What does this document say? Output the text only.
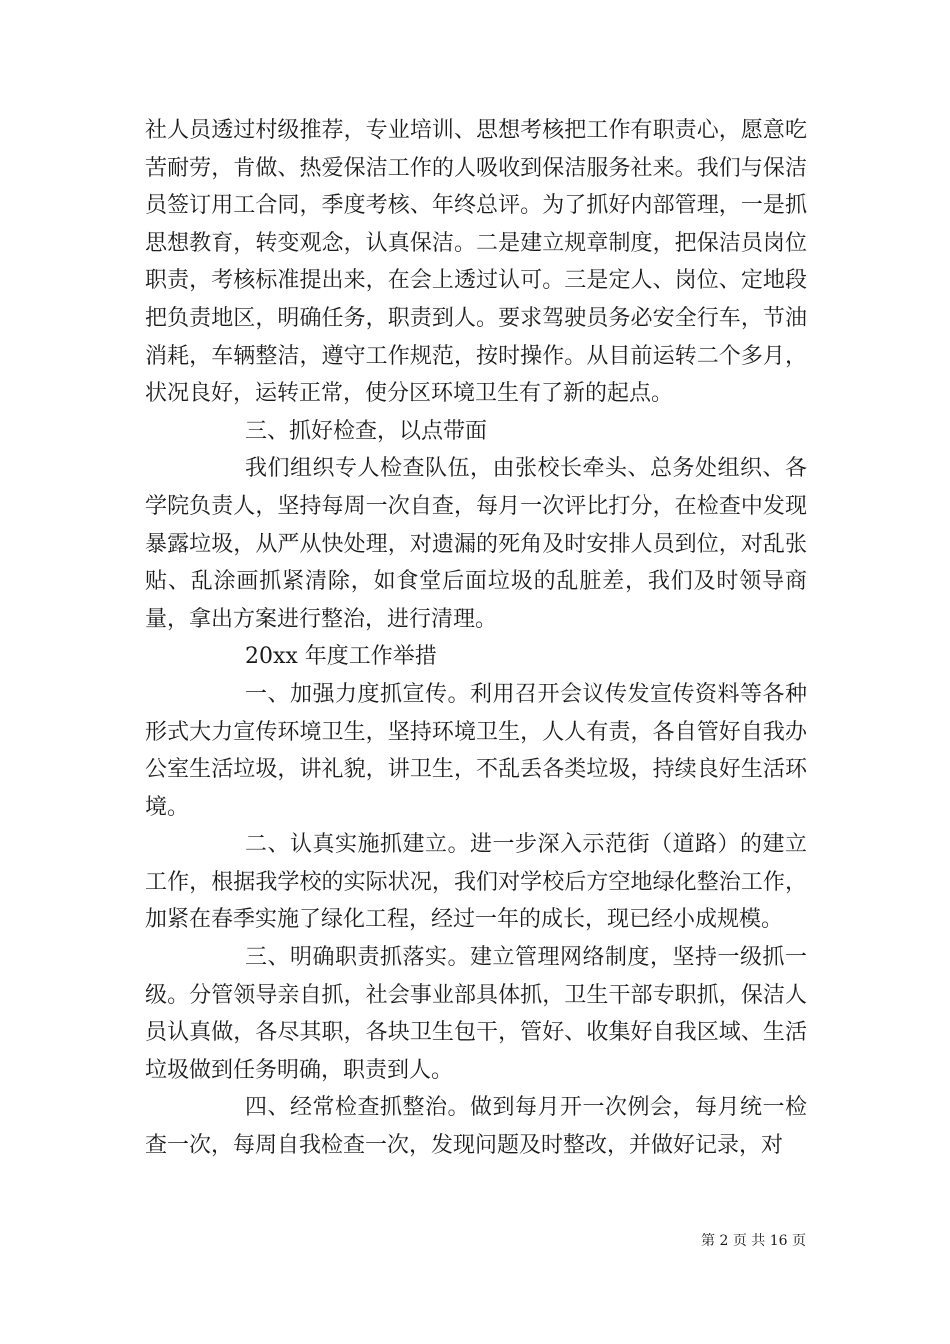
社人员透过村级推荐，专业培训、思想考核把工作有职责心，愿意吃苦耐劳，肯做、热爱保洁工作的人吸收到保洁服务社来。我们与保洁员签订用工合同，季度考核、年终总评。为了抓好内部管理，一是抓思想教育，转变观念，认真保洁。二是建立规章制度，把保洁员岗位职责，考核标准提出来，在会上透过认可。三是定人、岗位、定地段把负责地区，明确任务，职责到人。要求驾驶员务必安全行车，节油消耗，车辆整洁，遵守工作规范，按时操作。从目前运转二个多月，状况良好，运转正常，使分区环境卫生有了新的起点。

三、抓好检查，以点带面

我们组织专人检查队伍，由张校长牵头、总务处组织、各学院负责人，坚持每周一次自查，每月一次评比打分，在检查中发现暴露垃圾，从严从快处理，对遗漏的死角及时安排人员到位，对乱张贴、乱涂画抓紧清除，如食堂后面垃圾的乱脏差，我们及时领导商量，拿出方案进行整治，进行清理。

20xx 年度工作举措

一、加强力度抓宣传。利用召开会议传发宣传资料等各种形式大力宣传环境卫生，坚持环境卫生，人人有责，各自管好自我办公室生活垃圾，讲礼貌，讲卫生，不乱丢各类垃圾，持续良好生活环境。

二、认真实施抓建立。进一步深入示范街（道路）的建立工作，根据我学校的实际状况，我们对学校后方空地绿化整治工作，加紧在春季实施了绿化工程，经过一年的成长，现已经小成规模。

三、明确职责抓落实。建立管理网络制度，坚持一级抓一级。分管领导亲自抓，社会事业部具体抓，卫生干部专职抓，保洁人员认真做，各尽其职，各块卫生包干，管好、收集好自我区域、生活垃圾做到任务明确，职责到人。

四、经常检查抓整治。做到每月开一次例会，每月统一检查一次，每周自我检查一次，发现问题及时整改，并做好记录，对

第 2 页 共 16 页
